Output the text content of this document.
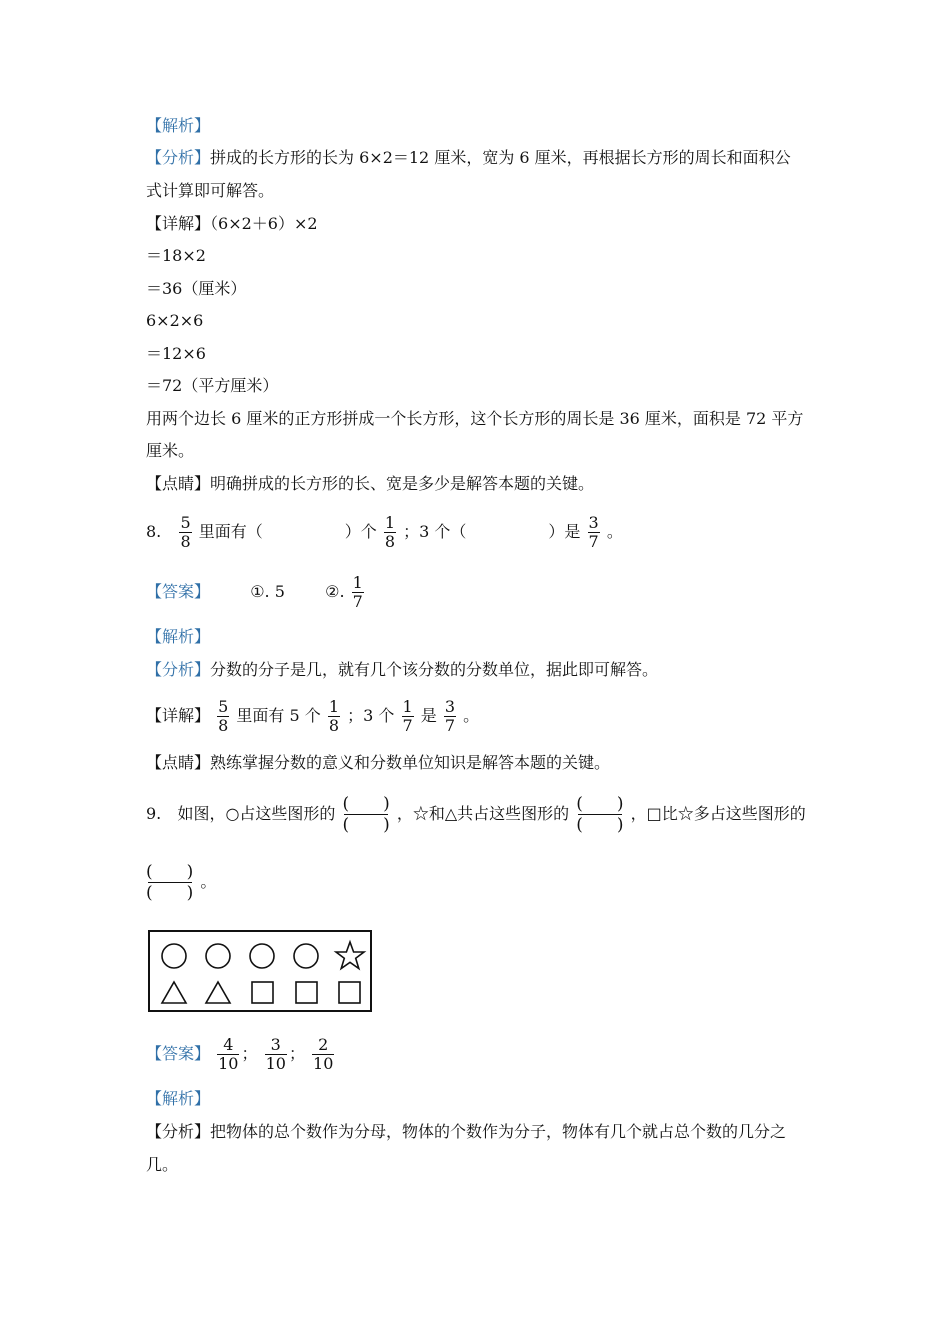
【解析】
【分析】拼成的长方形的长为 6×2＝12 厘米，宽为 6 厘米，再根据长方形的周长和面积公
式计算即可解答。
【详解】（6×2＋6）×2
＝18×2
＝36（厘米）
6×2×6
＝12×6
＝72（平方厘米）
用两个边长 6 厘米的正方形拼成一个长方形，这个长方形的周长是 36 厘米，面积是 72 平方
厘米。
【点睛】明确拼成的长方形的长、宽是多少是解答本题的关键。
8. $\frac{5}{8}$ 里面有（	）个 $\frac{1}{8}$ ；3 个（	）是 $\frac{3}{7}$ 。
【答案】	①. 5	②. $\frac{1}{7}$
【解析】
【分析】分数的分子是几，就有几个该分数的分数单位，据此即可解答。
【详解】 $\frac{5}{8}$ 里面有 5 个 $\frac{1}{8}$ ；3 个 $\frac{1}{7}$ 是 $\frac{3}{7}$ 。
【点睛】熟练掌握分数的意义和分数单位知识是解答本题的关键。
9. 如图，○占这些图形的 (　　)
(　　)
，☆和△共占这些图形的 (　　)
(　　)
，□比☆多占这些图形的
(　　)
(　　)
。
【答案】 $\frac{4}{10}$ ； $\frac{3}{10}$ ； $\frac{2}{10}$
【解析】
【分析】把物体的总个数作为分母，物体的个数作为分子，物体有几个就占总个数的几分之
几。
